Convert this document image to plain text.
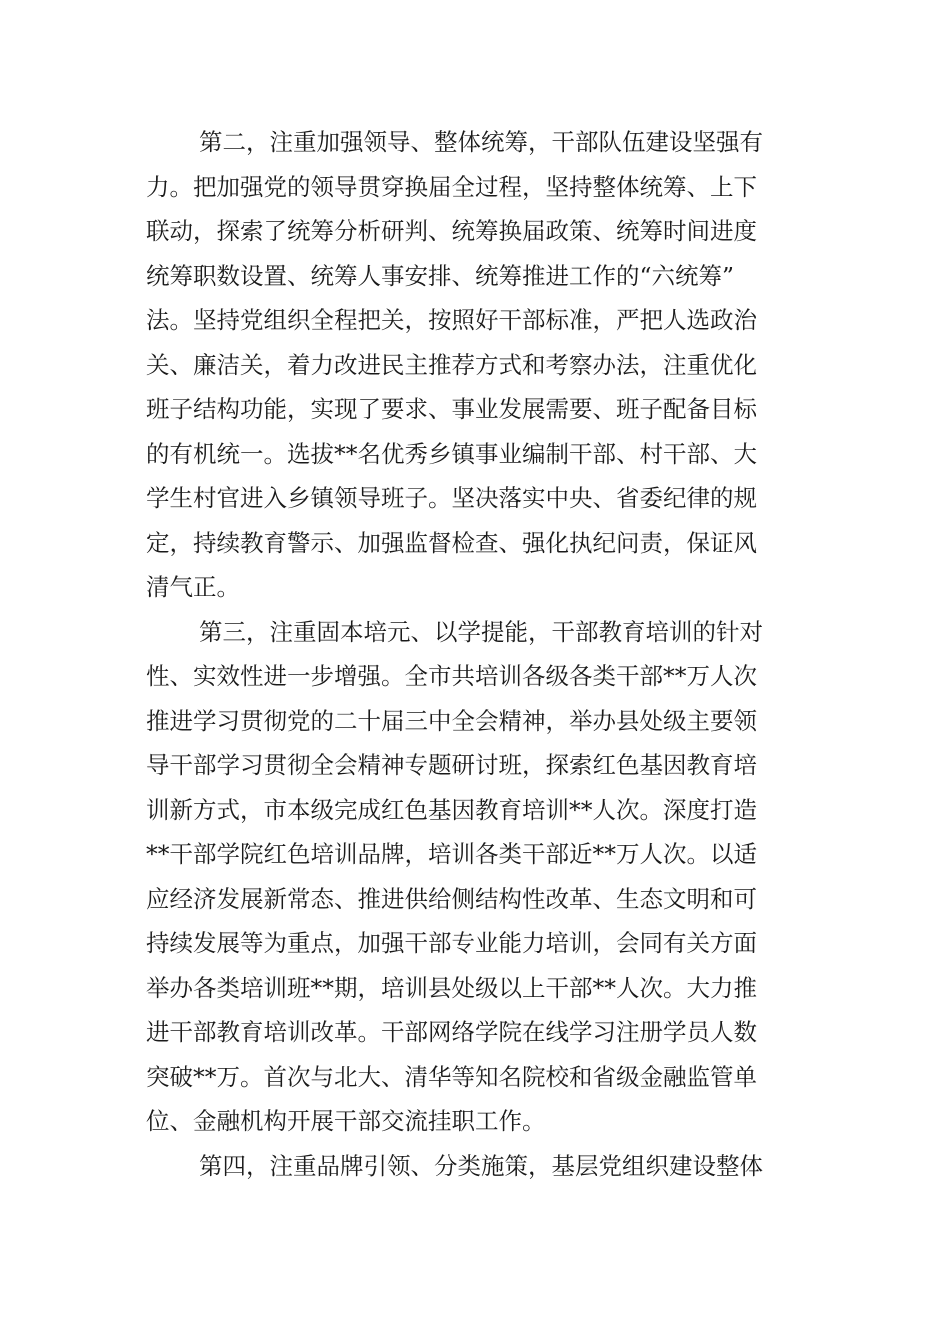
第二，注重加强领导、整体统筹，干部队伍建设坚强有
力。把加强党的领导贯穿换届全过程，坚持整体统筹、上下
联动，探索了统筹分析研判、统筹换届政策、统筹时间进度
统筹职数设置、统筹人事安排、统筹推进工作的“六统筹”
法。坚持党组织全程把关，按照好干部标准，严把人选政治
关、廉洁关，着力改进民主推荐方式和考察办法，注重优化
班子结构功能，实现了要求、事业发展需要、班子配备目标
的有机统一。选拔**名优秀乡镇事业编制干部、村干部、大
学生村官进入乡镇领导班子。坚决落实中央、省委纪律的规
定，持续教育警示、加强监督检查、强化执纪问责，保证风
清气正。

第三，注重固本培元、以学提能，干部教育培训的针对
性、实效性进一步增强。全市共培训各级各类干部**万人次
推进学习贯彻党的二十届三中全会精神，举办县处级主要领
导干部学习贯彻全会精神专题研讨班，探索红色基因教育培
训新方式，市本级完成红色基因教育培训**人次。深度打造
**干部学院红色培训品牌，培训各类干部近**万人次。以适
应经济发展新常态、推进供给侧结构性改革、生态文明和可
持续发展等为重点，加强干部专业能力培训，会同有关方面
举办各类培训班**期，培训县处级以上干部**人次。大力推
进干部教育培训改革。干部网络学院在线学习注册学员人数
突破**万。首次与北大、清华等知名院校和省级金融监管单
位、金融机构开展干部交流挂职工作。

第四，注重品牌引领、分类施策，基层党组织建设整体
